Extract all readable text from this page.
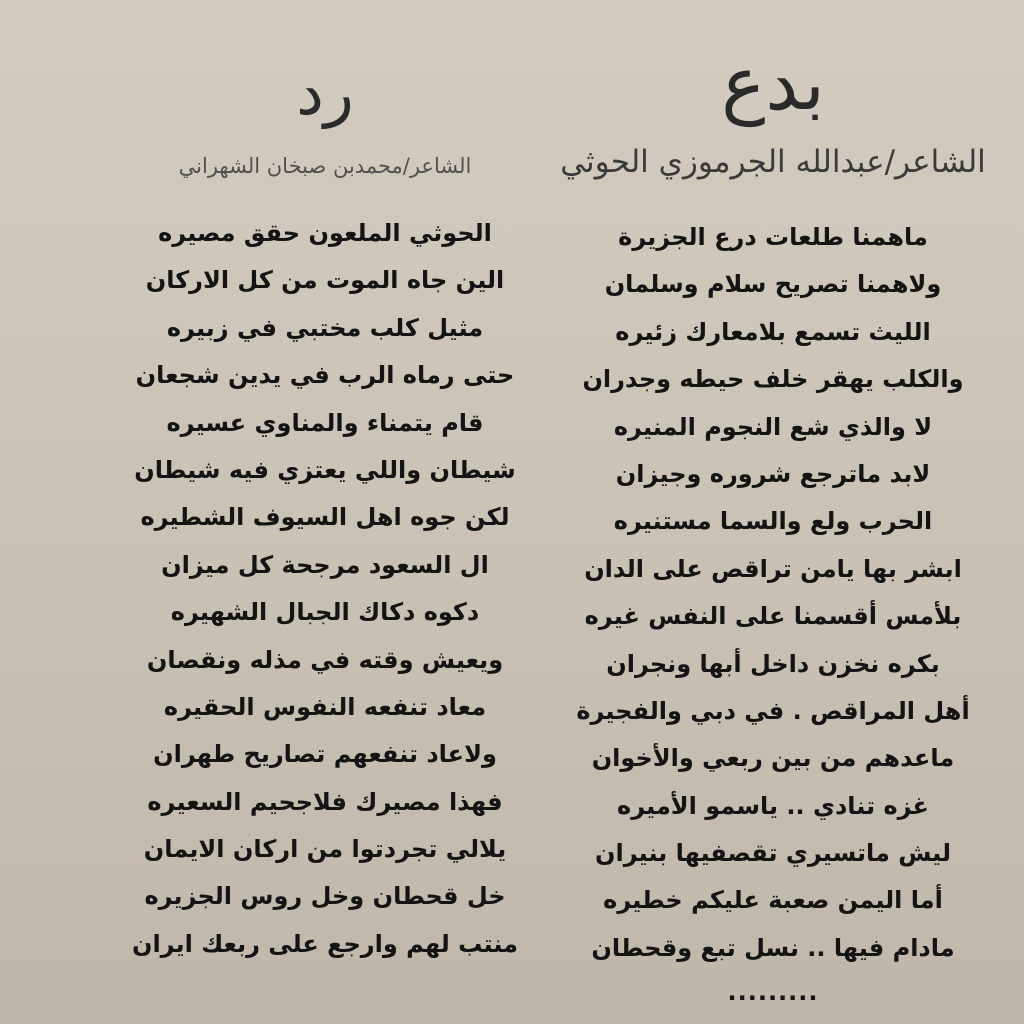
بدع
الشاعر/عبدالله الجرموزي الحوثي
ماهمنا طلعات درع الجزيرة
ولاهمنا تصريح سلام وسلمان
الليث تسمع بلامعارك زئيره
والكلب يهقر خلف حيطه وجدران
لا والذي شع النجوم المنيره
لابد ماترجع شروره وجيزان
الحرب ولع والسما مستنيره
ابشر بها يامن تراقص على الدان
بلأمس أقسمنا على النفس غيره
بكره نخزن داخل أبها ونجران
أهل المراقص . في دبي والفجيرة
ماعدهم من بين ربعي والأخوان
غزه تنادي .. ياسمو الأميره
ليش ماتسيري تقصفيها بنيران
أما اليمن صعبة عليكم خطيره
مادام فيها .. نسل تبع وقحطان
.........
رد
الشاعر/محمدبن صبخان الشهراني
الحوثي الملعون حقق مصيره
الين جاه الموت من كل الاركان
مثيل كلب مختبي في زبيره
حتى رماه الرب في يدين شجعان
قام يتمناء والمناوي عسيره
شيطان واللي يعتزي فيه شيطان
لكن جوه اهل السيوف الشطيره
ال السعود مرجحة كل ميزان
دكوه دكاك الجبال الشهيره
ويعيش وقته في مذله ونقصان
معاد تنفعه النفوس الحقيره
ولاعاد تنفعهم تصاريح طهران
فهذا مصيرك فلاجحيم السعيره
يلالي تجردتوا من اركان الايمان
خل قحطان وخل روس الجزيره
منتب لهم وارجع على ربعك ايران
